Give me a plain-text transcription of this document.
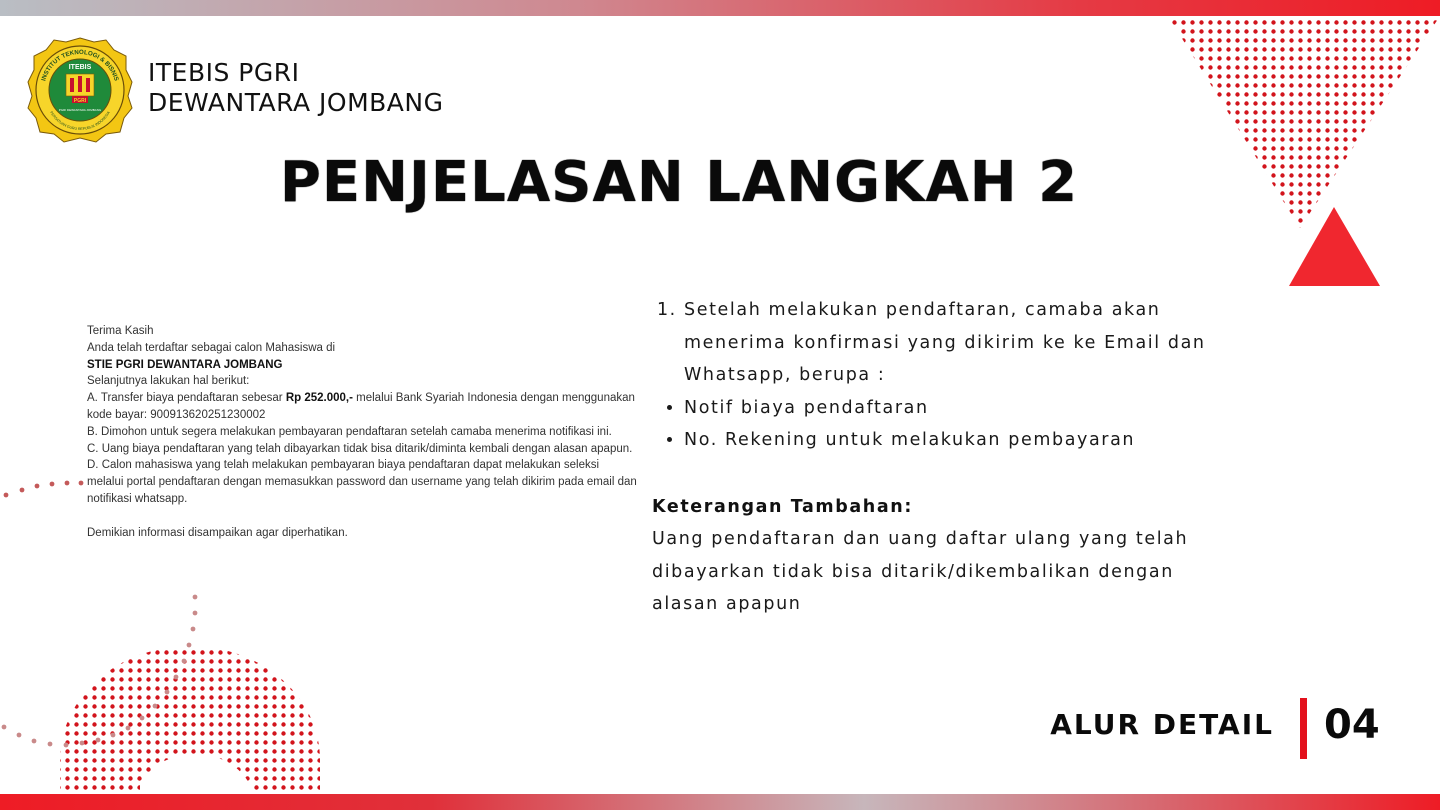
ITEBIS
PGRI
PGRI DEWANTARA JOMBANG
INSTITUT TEKNOLOGI & BISNIS
PERSATUAN GURU REPUBLIK INDONESIA
ITEBIS PGRI
DEWANTARA JOMBANG
PENJELASAN LANGKAH 2

Terima Kasih

Anda telah terdaftar sebagai calon Mahasiswa di

STIE PGRI DEWANTARA JOMBANG

Selanjutnya lakukan hal berikut:

A. Transfer biaya pendaftaran sebesar Rp 252.000,- melalui Bank Syariah Indonesia dengan menggunakan kode bayar: 900913620251230002

B. Dimohon untuk segera melakukan pembayaran pendaftaran setelah camaba menerima notifikasi ini.

C. Uang biaya pendaftaran yang telah dibayarkan tidak bisa ditarik/diminta kembali dengan alasan apapun.

D. Calon mahasiswa yang telah melakukan pembayaran biaya pendaftaran dapat melakukan seleksi melalui portal pendaftaran dengan memasukkan password dan username yang telah dikirim pada email dan notifikasi whatsapp.

Demikian informasi disampaikan agar diperhatikan.

1. Setelah melakukan pendaftaran, camaba akan menerima konfirmasi yang dikirim ke ke Email dan Whatsapp, berupa :
• Notif biaya pendaftaran
• No. Rekening untuk melakukan pembayaran
Keterangan Tambahan:

Uang pendaftaran dan uang daftar ulang yang telah dibayarkan tidak bisa ditarik/dikembalikan dengan alasan apapun

ALUR DETAIL 04
